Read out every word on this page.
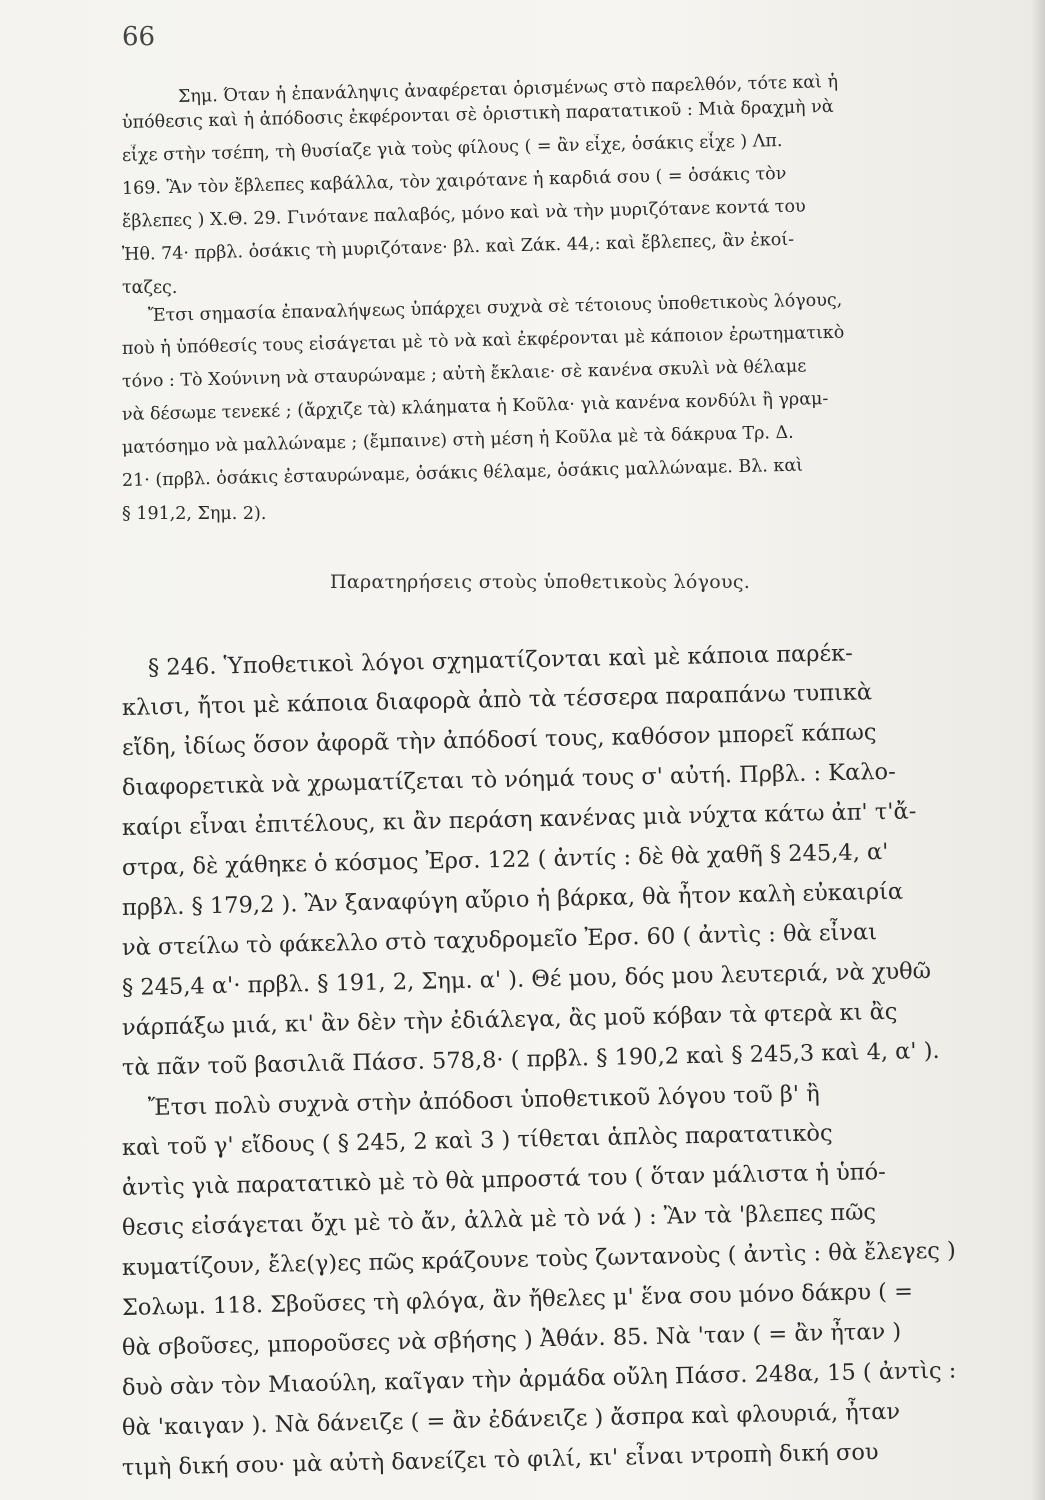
66
Σημ. Όταν ἡ ἐπανάληψις ἀναφέρεται ὁρισμένως στὸ παρελθόν, τότε καὶ ἡ
ὑπόθεσις καὶ ἡ ἀπόδοσις ἐκφέρονται σὲ ὁριστικὴ παρατατικοῦ : Μιὰ δραχμὴ νὰ
εἶχε στὴν τσέπη, τὴ θυσίαζε γιὰ τοὺς φίλους ( = ἂν εἶχε, ὁσάκις εἶχε ) Λπ.
169. Ἂν τὸν ἔβλεπες καβάλλα, τὸν χαιρότανε ἡ καρδιά σου ( = ὁσάκις τὸν
ἔβλεπες ) Χ.Θ. 29. Γινότανε παλαβός, μόνο καὶ νὰ τὴν μυριζότανε κοντά του
Ἠθ. 74· πρβλ. ὁσάκις τὴ μυριζότανε· βλ. καὶ Ζάκ. 44,: καὶ ἔβλεπες, ἂν ἐκοί-
ταζες.
Ἔτσι σημασία ἐπαναλήψεως ὑπάρχει συχνὰ σὲ τέτοιους ὑποθετικοὺς λόγους,
ποὺ ἡ ὑπόθεσίς τους εἰσάγεται μὲ τὸ νὰ καὶ ἐκφέρονται μὲ κάποιον ἐρωτηματικὸ
τόνο : Τὸ Χούνινη νὰ σταυρώναμε ; αὐτὴ ἔκλαιε· σὲ κανένα σκυλὶ νὰ θέλαμε
νὰ δέσωμε τενεκέ ; (ἄρχιζε τὰ) κλάηματα ἡ Κοῦλα· γιὰ κανένα κονδύλι ἢ γραμ-
ματόσημο νὰ μαλλώναμε ; (ἔμπαινε) στὴ μέση ἡ Κοῦλα μὲ τὰ δάκρυα Τρ. Δ.
21· (πρβλ. ὁσάκις ἐσταυρώναμε, ὁσάκις θέλαμε, ὁσάκις μαλλώναμε. Βλ. καὶ
§ 191,2, Σημ. 2).
Παρατηρήσεις στοὺς ὑποθετικοὺς λόγους.
§ 246. Ὑποθετικοὶ λόγοι σχηματίζονται καὶ μὲ κάποια παρέκ-
κλισι, ἤτοι μὲ κάποια διαφορὰ ἀπὸ τὰ τέσσερα παραπάνω τυπικὰ
εἴδη, ἰδίως ὅσον ἀφορᾶ τὴν ἀπόδοσί τους, καθόσον μπορεῖ κάπως
διαφορετικὰ νὰ χρωματίζεται τὸ νόημά τους σ' αὐτή. Πρβλ. : Καλο-
καίρι εἶναι ἐπιτέλους, κι ἂν περάση κανένας μιὰ νύχτα κάτω ἀπ' τ'ἄ-
στρα, δὲ χάθηκε ὁ κόσμος Ἐρσ. 122 ( ἀντίς : δὲ θὰ χαθῆ § 245,4, α'
πρβλ. § 179,2 ). Ἂν ξαναφύγη αὔριο ἡ βάρκα, θὰ ἦτον καλὴ εὐκαιρία
νὰ στείλω τὸ φάκελλο στὸ ταχυδρομεῖο Ἐρσ. 60 ( ἀντὶς : θὰ εἶναι
§ 245,4 α'· πρβλ. § 191, 2, Σημ. α' ). Θέ μου, δός μου λευτεριά, νὰ χυθῶ
νάρπάξω μιά, κι' ἂν δὲν τὴν ἐδιάλεγα, ἂς μοῦ κόβαν τὰ φτερὰ κι ἂς
τὰ πᾶν τοῦ βασιλιᾶ Πάσσ. 578,8· ( πρβλ. § 190,2 καὶ § 245,3 καὶ 4, α' ).
Ἔτσι πολὺ συχνὰ στὴν ἀπόδοσι ὑποθετικοῦ λόγου τοῦ β' ἢ
καὶ τοῦ γ' εἴδους ( § 245, 2 καὶ 3 ) τίθεται ἁπλὸς παρατατικὸς
ἀντὶς γιὰ παρατατικὸ μὲ τὸ θὰ μπροστά του ( ὅταν μάλιστα ἡ ὑπό-
θεσις εἰσάγεται ὄχι μὲ τὸ ἄν, ἀλλὰ μὲ τὸ νά ) : Ἂν τὰ 'βλεπες πῶς
κυματίζουν, ἔλε(γ)ες πῶς κράζουνε τοὺς ζωντανοὺς ( ἀντὶς : θὰ ἔλεγες )
Σολωμ. 118. Σβοῦσες τὴ φλόγα, ἂν ἤθελες μ' ἕνα σου μόνο δάκρυ ( =
θὰ σβοῦσες, μποροῦσες νὰ σβήσης ) Ἀθάν. 85. Νὰ 'ταν ( = ἂν ἦταν )
δυὸ σὰν τὸν Μιαούλη, καῖγαν τὴν ἀρμάδα οὔλη Πάσσ. 248α, 15 ( ἀντὶς :
θὰ 'καιγαν ). Νὰ δάνειζε ( = ἂν ἐδάνειζε ) ἄσπρα καὶ φλουριά, ἦταν
τιμὴ δική σου· μὰ αὐτὴ δανείζει τὸ φιλί, κι' εἶναι ντροπὴ δική σου
